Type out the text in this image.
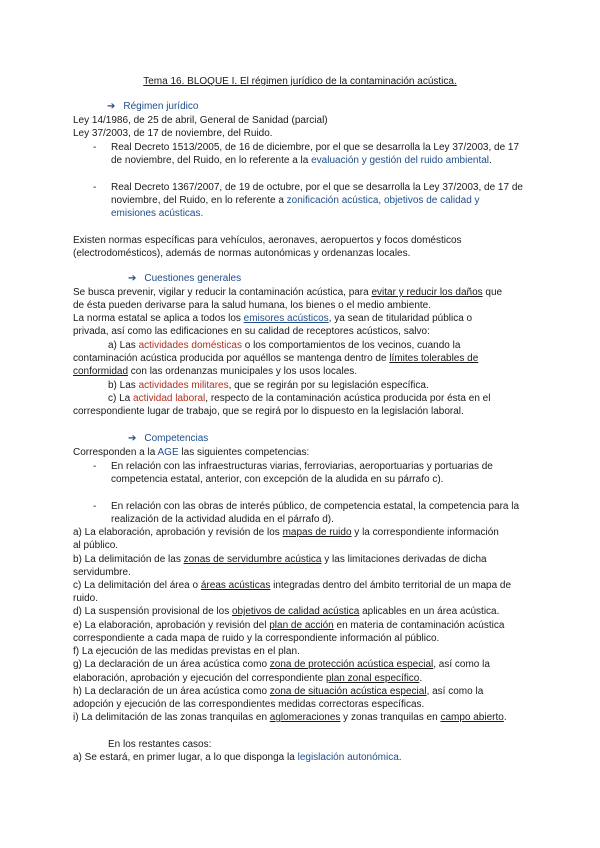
Tema 16. BLOQUE I. El régimen jurídico de la contaminación acústica.
➔ Régimen jurídico
Ley 14/1986, de 25 de abril, General de Sanidad (parcial)
Ley 37/2003, de 17 de noviembre, del Ruido.
- Real Decreto 1513/2005, de 16 de diciembre, por el que se desarrolla la Ley 37/2003, de 17
de noviembre, del Ruido, en lo referente a la evaluación y gestión del ruido ambiental.
- Real Decreto 1367/2007, de 19 de octubre, por el que se desarrolla la Ley 37/2003, de 17 de
noviembre, del Ruido, en lo referente a zonificación acústica, objetivos de calidad y
emisiones acústicas.
Existen normas específicas para vehículos, aeronaves, aeropuertos y focos domésticos
(electrodomésticos), además de normas autonómicas y ordenanzas locales.
➔ Cuestiones generales
Se busca prevenir, vigilar y reducir la contaminación acústica, para evitar y reducir los daños que
de ésta pueden derivarse para la salud humana, los bienes o el medio ambiente.
La norma estatal se aplica a todos los emisores acústicos, ya sean de titularidad pública o
privada, así como las edificaciones en su calidad de receptores acústicos, salvo:
a) Las actividades domésticas o los comportamientos de los vecinos, cuando la
contaminación acústica producida por aquéllos se mantenga dentro de límites tolerables de
conformidad con las ordenanzas municipales y los usos locales.
b) Las actividades militares, que se regirán por su legislación específica.
c) La actividad laboral, respecto de la contaminación acústica producida por ésta en el
correspondiente lugar de trabajo, que se regirá por lo dispuesto en la legislación laboral.
➔ Competencias
Corresponden a la AGE las siguientes competencias:
- En relación con las infraestructuras viarias, ferroviarias, aeroportuarias y portuarias de
competencia estatal, anterior, con excepción de la aludida en su párrafo c).
- En relación con las obras de interés público, de competencia estatal, la competencia para la
realización de la actividad aludida en el párrafo d).
a) La elaboración, aprobación y revisión de los mapas de ruido y la correspondiente información
al público.
b) La delimitación de las zonas de servidumbre acústica y las limitaciones derivadas de dicha
servidumbre.
c) La delimitación del área o áreas acústicas integradas dentro del ámbito territorial de un mapa de
ruido.
d) La suspensión provisional de los objetivos de calidad acústica aplicables en un área acústica.
e) La elaboración, aprobación y revisión del plan de acción en materia de contaminación acústica
correspondiente a cada mapa de ruido y la correspondiente información al público.
f) La ejecución de las medidas previstas en el plan.
g) La declaración de un área acústica como zona de protección acústica especial, así como la
elaboración, aprobación y ejecución del correspondiente plan zonal específico.
h) La declaración de un área acústica como zona de situación acústica especial, así como la
adopción y ejecución de las correspondientes medidas correctoras específicas.
i) La delimitación de las zonas tranquilas en aglomeraciones y zonas tranquilas en campo abierto.
En los restantes casos:
a) Se estará, en primer lugar, a lo que disponga la legislación autonómica.
